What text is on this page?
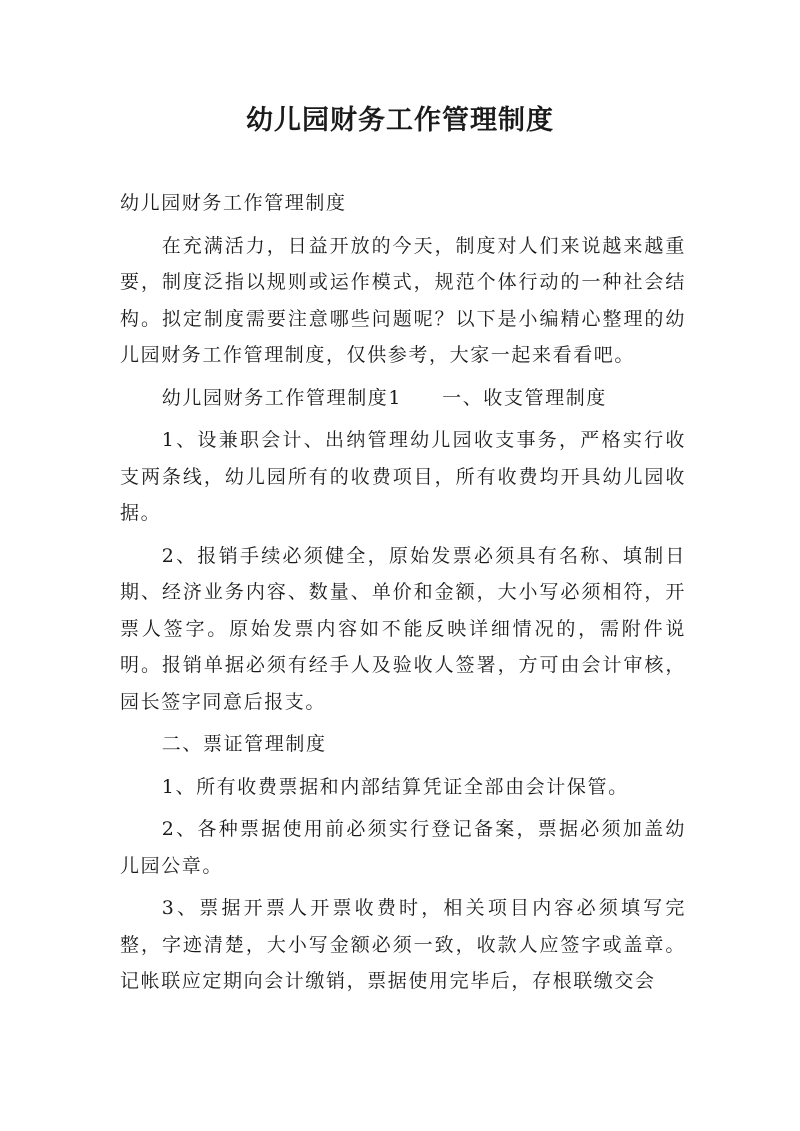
幼儿园财务工作管理制度

幼儿园财务工作管理制度

在充满活力，日益开放的今天，制度对人们来说越来越重要，制度泛指以规则或运作模式，规范个体行动的一种社会结构。拟定制度需要注意哪些问题呢？以下是小编精心整理的幼儿园财务工作管理制度，仅供参考，大家一起来看看吧。

幼儿园财务工作管理制度1 一、收支管理制度

1、设兼职会计、出纳管理幼儿园收支事务，严格实行收支两条线，幼儿园所有的收费项目，所有收费均开具幼儿园收据。

2、报销手续必须健全，原始发票必须具有名称、填制日期、经济业务内容、数量、单价和金额，大小写必须相符，开票人签字。原始发票内容如不能反映详细情况的，需附件说明。报销单据必须有经手人及验收人签署，方可由会计审核，园长签字同意后报支。

二、票证管理制度

1、所有收费票据和内部结算凭证全部由会计保管。

2、各种票据使用前必须实行登记备案，票据必须加盖幼儿园公章。

3、票据开票人开票收费时，相关项目内容必须填写完整，字迹清楚，大小写金额必须一致，收款人应签字或盖章。记帐联应定期向会计缴销，票据使用完毕后，存根联缴交会
